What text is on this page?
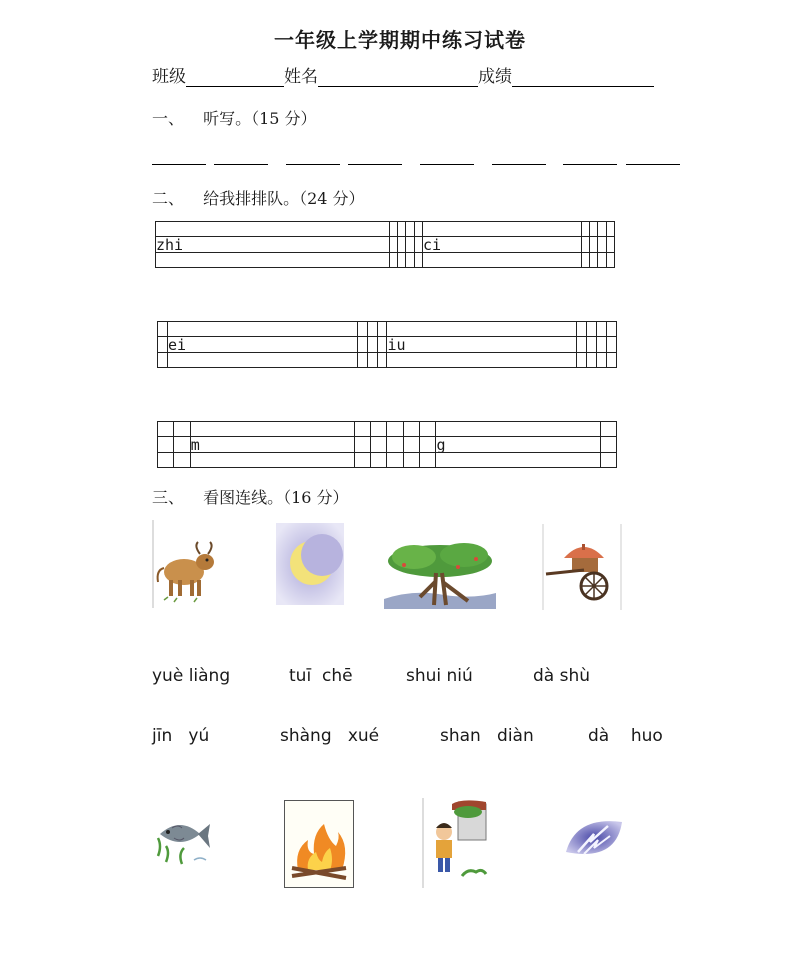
一年级上学期期中练习试卷
班级	姓名	成绩
一、 听写。（15 分）
二、 给我排排队。（24 分）

zhi					ci				

	ei				iu				

		m						g	

三、 看图连线。（16 分）
yuè liàng	tuī  chē	shui niú	dà shù
jīn   yú	shàng   xué	shan   diàn	dà    huo
